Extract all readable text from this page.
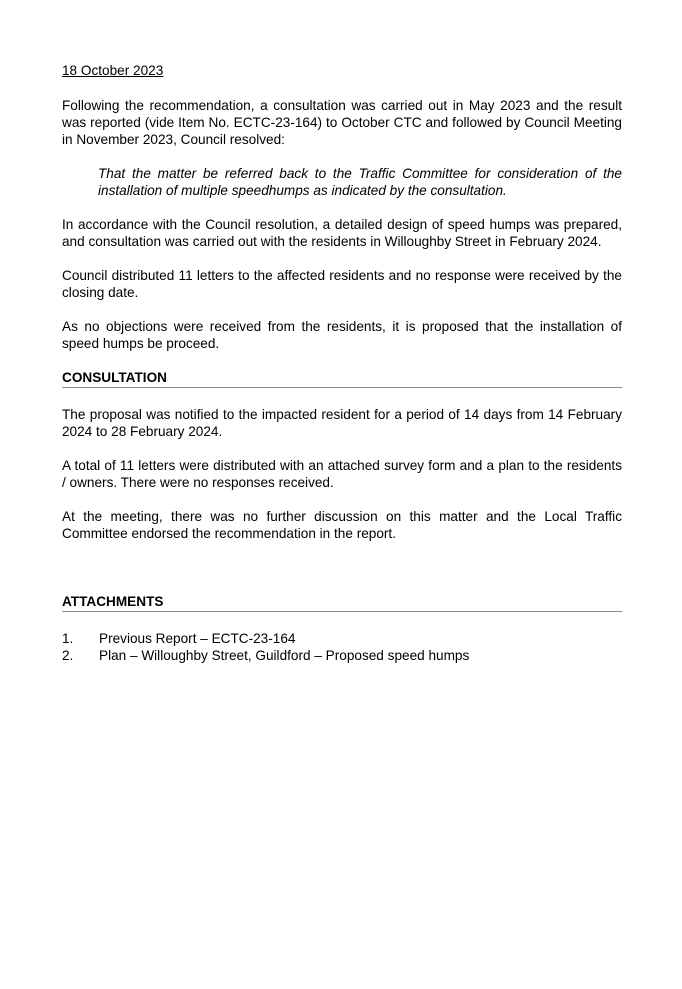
18 October 2023

Following the recommendation, a consultation was carried out in May 2023 and the result was reported (vide Item No. ECTC-23-164) to October CTC and followed by Council Meeting in November 2023, Council resolved:

That the matter be referred back to the Traffic Committee for consideration of the installation of multiple speedhumps as indicated by the consultation.

In accordance with the Council resolution, a detailed design of speed humps was prepared, and consultation was carried out with the residents in Willoughby Street in February 2024.

Council distributed 11 letters to the affected residents and no response were received by the closing date.

As no objections were received from the residents, it is proposed that the installation of speed humps be proceed.

CONSULTATION

The proposal was notified to the impacted resident for a period of 14 days from 14 February 2024 to 28 February 2024.

A total of 11 letters were distributed with an attached survey form and a plan to the residents / owners. There were no responses received.

At the meeting, there was no further discussion on this matter and the Local Traffic Committee endorsed the recommendation in the report.

ATTACHMENTS
1.	Previous Report – ECTC-23-164
2.	Plan – Willoughby Street, Guildford – Proposed speed humps
